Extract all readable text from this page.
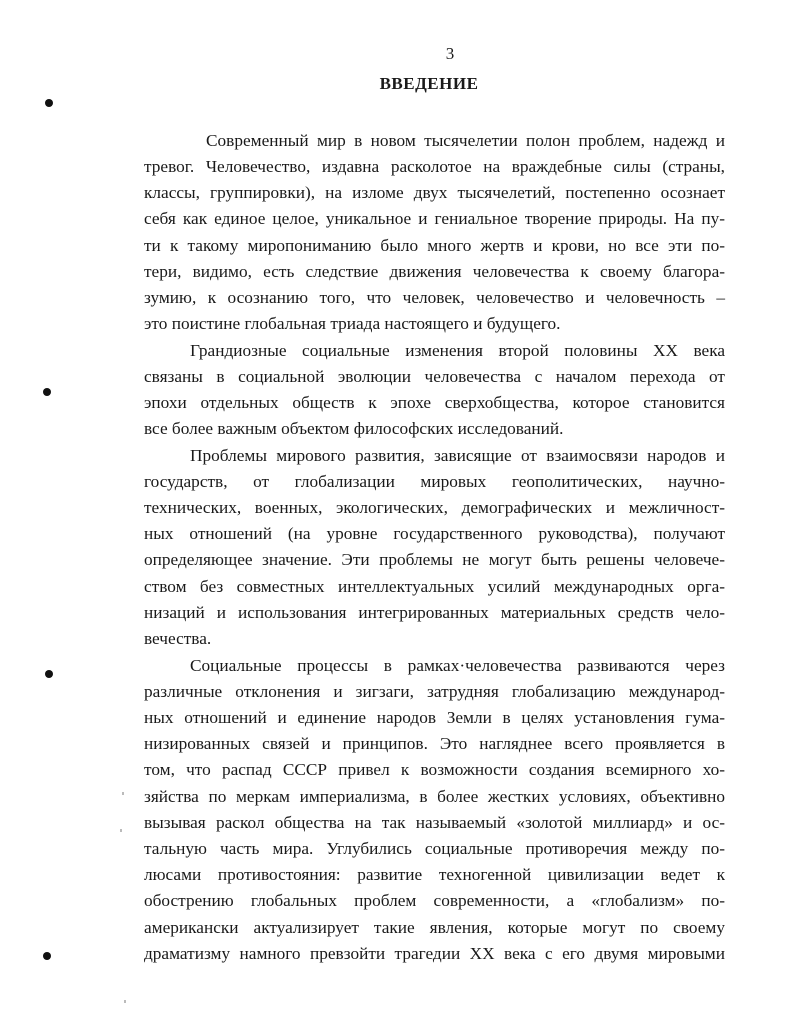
3
ВВЕДЕНИЕ
Современный мир в новом тысячелетии полон проблем, надежд и
тревог. Человечество, издавна расколотое на враждебные силы (страны,
классы, группировки), на изломе двух тысячелетий, постепенно осознает
себя как единое целое, уникальное и гениальное творение природы. На пу-
ти к такому миропониманию было много жертв и крови, но все эти по-
тери, видимо, есть следствие движения человечества к своему благора-
зумию, к осознанию того, что человек, человечество и человечность –
это поистине глобальная триада настоящего и будущего.
Грандиозные социальные изменения второй половины XX века
связаны в социальной эволюции человечества с началом перехода от
эпохи отдельных обществ к эпохе сверхобщества, которое становится
все более важным объектом философских исследований.
Проблемы мирового развития, зависящие от взаимосвязи народов и
государств, от глобализации мировых геополитических, научно-
технических, военных, экологических, демографических и межличност-
ных отношений (на уровне государственного руководства), получают
определяющее значение. Эти проблемы не могут быть решены человече-
ством без совместных интеллектуальных усилий международных орга-
низаций и использования интегрированных материальных средств чело-
вечества.
Социальные процессы в рамках·человечества развиваются через
различные отклонения и зигзаги, затрудняя глобализацию международ-
ных отношений и единение народов Земли в целях установления гума-
низированных связей и принципов. Это нагляднее всего проявляется в
том, что распад СССР привел к возможности создания всемирного хо-
зяйства по меркам империализма, в более жестких условиях, объективно
вызывая раскол общества на так называемый «золотой миллиард» и ос-
тальную часть мира. Углубились социальные противоречия между по-
люсами противостояния: развитие техногенной цивилизации ведет к
обострению глобальных проблем современности, а «глобализм» по-
американски актуализирует такие явления, которые могут по своему
драматизму намного превзойти трагедии XX века с его двумя мировыми
